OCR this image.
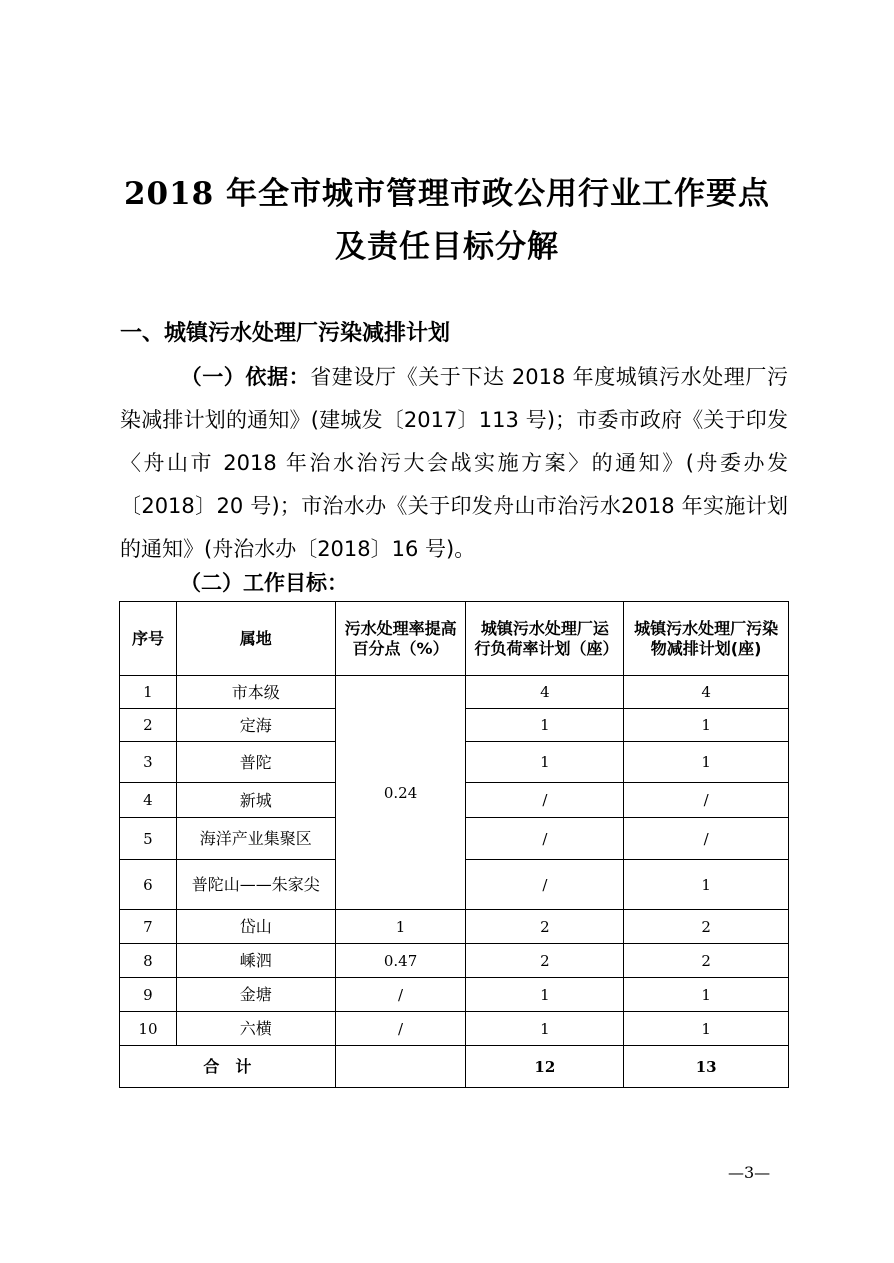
2018 年全市城市管理市政公用行业工作要点
及责任目标分解
一、城镇污水处理厂污染减排计划
（一）依据：省建设厅《关于下达 2018 年度城镇污水处理厂污染减排计划的通知》(建城发〔2017〕113 号)；市委市政府《关于印发〈舟山市 2018 年治水治污大会战实施方案〉的通知》(舟委办发〔2018〕20 号)；市治水办《关于印发舟山市治污水2018 年实施计划的通知》(舟治水办〔2018〕16 号)。
（二）工作目标：
序号	属地	污水处理率提高百分点（%）	城镇污水处理厂运行负荷率计划（座）	城镇污水处理厂污染物减排计划(座)
1	市本级	0.24	4	4
2	定海		1	1
3	普陀		1	1
4	新城		/	/
5	海洋产业集聚区		/	/
6	普陀山——朱家尖		/	1
7	岱山	1	2	2
8	嵊泗	0.47	2	2
9	金塘	/	1	1
10	六横	/	1	1
合　计			12	13
—3—
